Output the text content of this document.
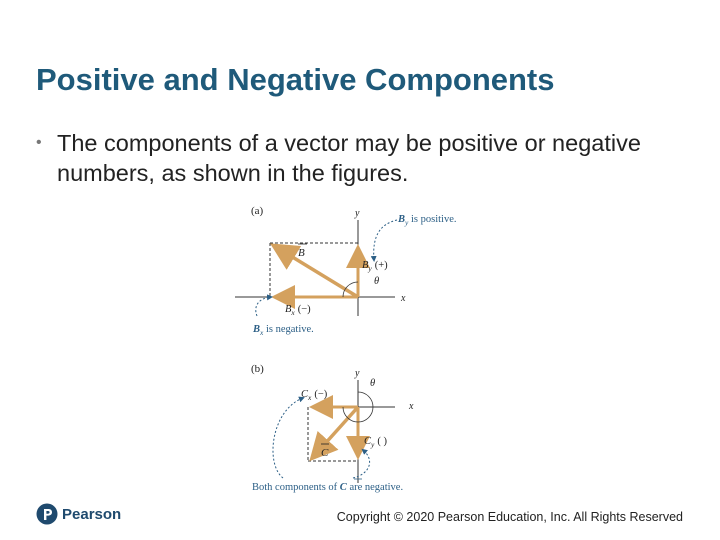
Positive and Negative Components
• The components of a vector may be positive or negative numbers, as shown in the figures.
(a)	y
x
B
$B_y$ (+)
θ
$B_x$ (−)
$B_y$ is positive.
$B_x$ is negative.
(b)	y
x
C
θ
$C_x$ (−)
$C_y$ ( )
Both components of C are negative.
Pearson	Copyright © 2020 Pearson Education, Inc. All Rights Reserved
